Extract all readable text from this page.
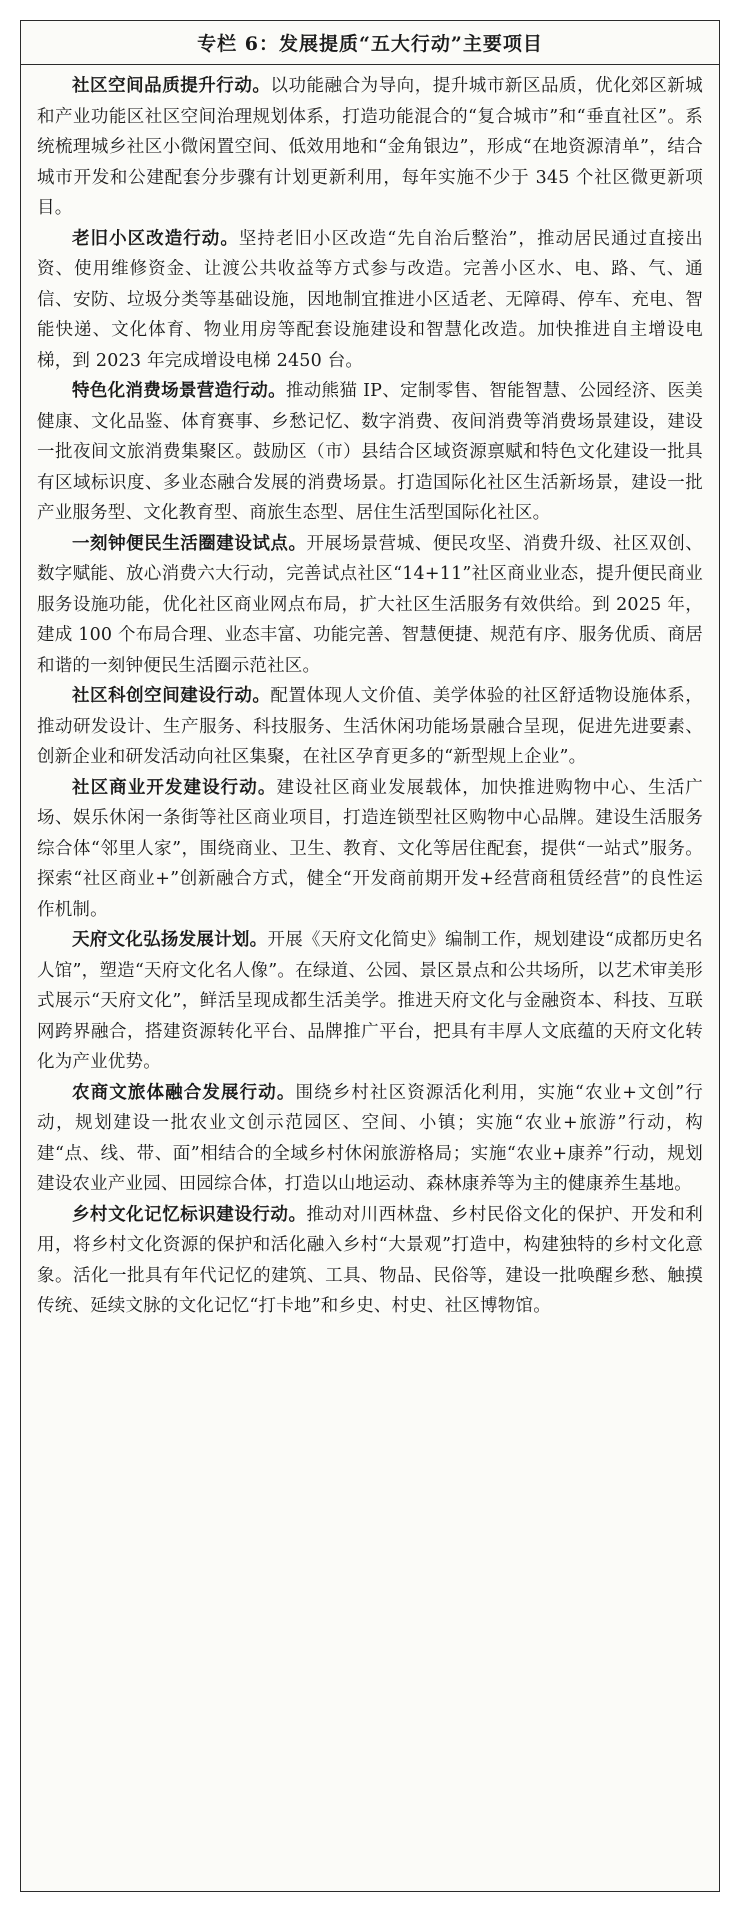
专栏 6：发展提质“五大行动”主要项目

社区空间品质提升行动。以功能融合为导向，提升城市新区品质，优化郊区新城和产业功能区社区空间治理规划体系，打造功能混合的“复合城市”和“垂直社区”。系统梳理城乡社区小微闲置空间、低效用地和“金角银边”，形成“在地资源清单”，结合城市开发和公建配套分步骤有计划更新利用，每年实施不少于 345 个社区微更新项目。

老旧小区改造行动。坚持老旧小区改造“先自治后整治”，推动居民通过直接出资、使用维修资金、让渡公共收益等方式参与改造。完善小区水、电、路、气、通信、安防、垃圾分类等基础设施，因地制宜推进小区适老、无障碍、停车、充电、智能快递、文化体育、物业用房等配套设施建设和智慧化改造。加快推进自主增设电梯，到 2023 年完成增设电梯 2450 台。

特色化消费场景营造行动。推动熊猫 IP、定制零售、智能智慧、公园经济、医美健康、文化品鉴、体育赛事、乡愁记忆、数字消费、夜间消费等消费场景建设，建设一批夜间文旅消费集聚区。鼓励区（市）县结合区域资源禀赋和特色文化建设一批具有区域标识度、多业态融合发展的消费场景。打造国际化社区生活新场景，建设一批产业服务型、文化教育型、商旅生态型、居住生活型国际化社区。

一刻钟便民生活圈建设试点。开展场景营城、便民攻坚、消费升级、社区双创、数字赋能、放心消费六大行动，完善试点社区“14+11”社区商业业态，提升便民商业服务设施功能，优化社区商业网点布局，扩大社区生活服务有效供给。到 2025 年，建成 100 个布局合理、业态丰富、功能完善、智慧便捷、规范有序、服务优质、商居和谐的一刻钟便民生活圈示范社区。

社区科创空间建设行动。配置体现人文价值、美学体验的社区舒适物设施体系，推动研发设计、生产服务、科技服务、生活休闲功能场景融合呈现，促进先进要素、创新企业和研发活动向社区集聚，在社区孕育更多的“新型规上企业”。

社区商业开发建设行动。建设社区商业发展载体，加快推进购物中心、生活广场、娱乐休闲一条街等社区商业项目，打造连锁型社区购物中心品牌。建设生活服务综合体“邻里人家”，围绕商业、卫生、教育、文化等居住配套，提供“一站式”服务。探索“社区商业+”创新融合方式，健全“开发商前期开发+经营商租赁经营”的良性运作机制。

天府文化弘扬发展计划。开展《天府文化简史》编制工作，规划建设“成都历史名人馆”，塑造“天府文化名人像”。在绿道、公园、景区景点和公共场所，以艺术审美形式展示“天府文化”，鲜活呈现成都生活美学。推进天府文化与金融资本、科技、互联网跨界融合，搭建资源转化平台、品牌推广平台，把具有丰厚人文底蕴的天府文化转化为产业优势。

农商文旅体融合发展行动。围绕乡村社区资源活化利用，实施“农业+文创”行动，规划建设一批农业文创示范园区、空间、小镇；实施“农业+旅游”行动，构建“点、线、带、面”相结合的全域乡村休闲旅游格局；实施“农业+康养”行动，规划建设农业产业园、田园综合体，打造以山地运动、森林康养等为主的健康养生基地。

乡村文化记忆标识建设行动。推动对川西林盘、乡村民俗文化的保护、开发和利用，将乡村文化资源的保护和活化融入乡村“大景观”打造中，构建独特的乡村文化意象。活化一批具有年代记忆的建筑、工具、物品、民俗等，建设一批唤醒乡愁、触摸传统、延续文脉的文化记忆“打卡地”和乡史、村史、社区博物馆。
